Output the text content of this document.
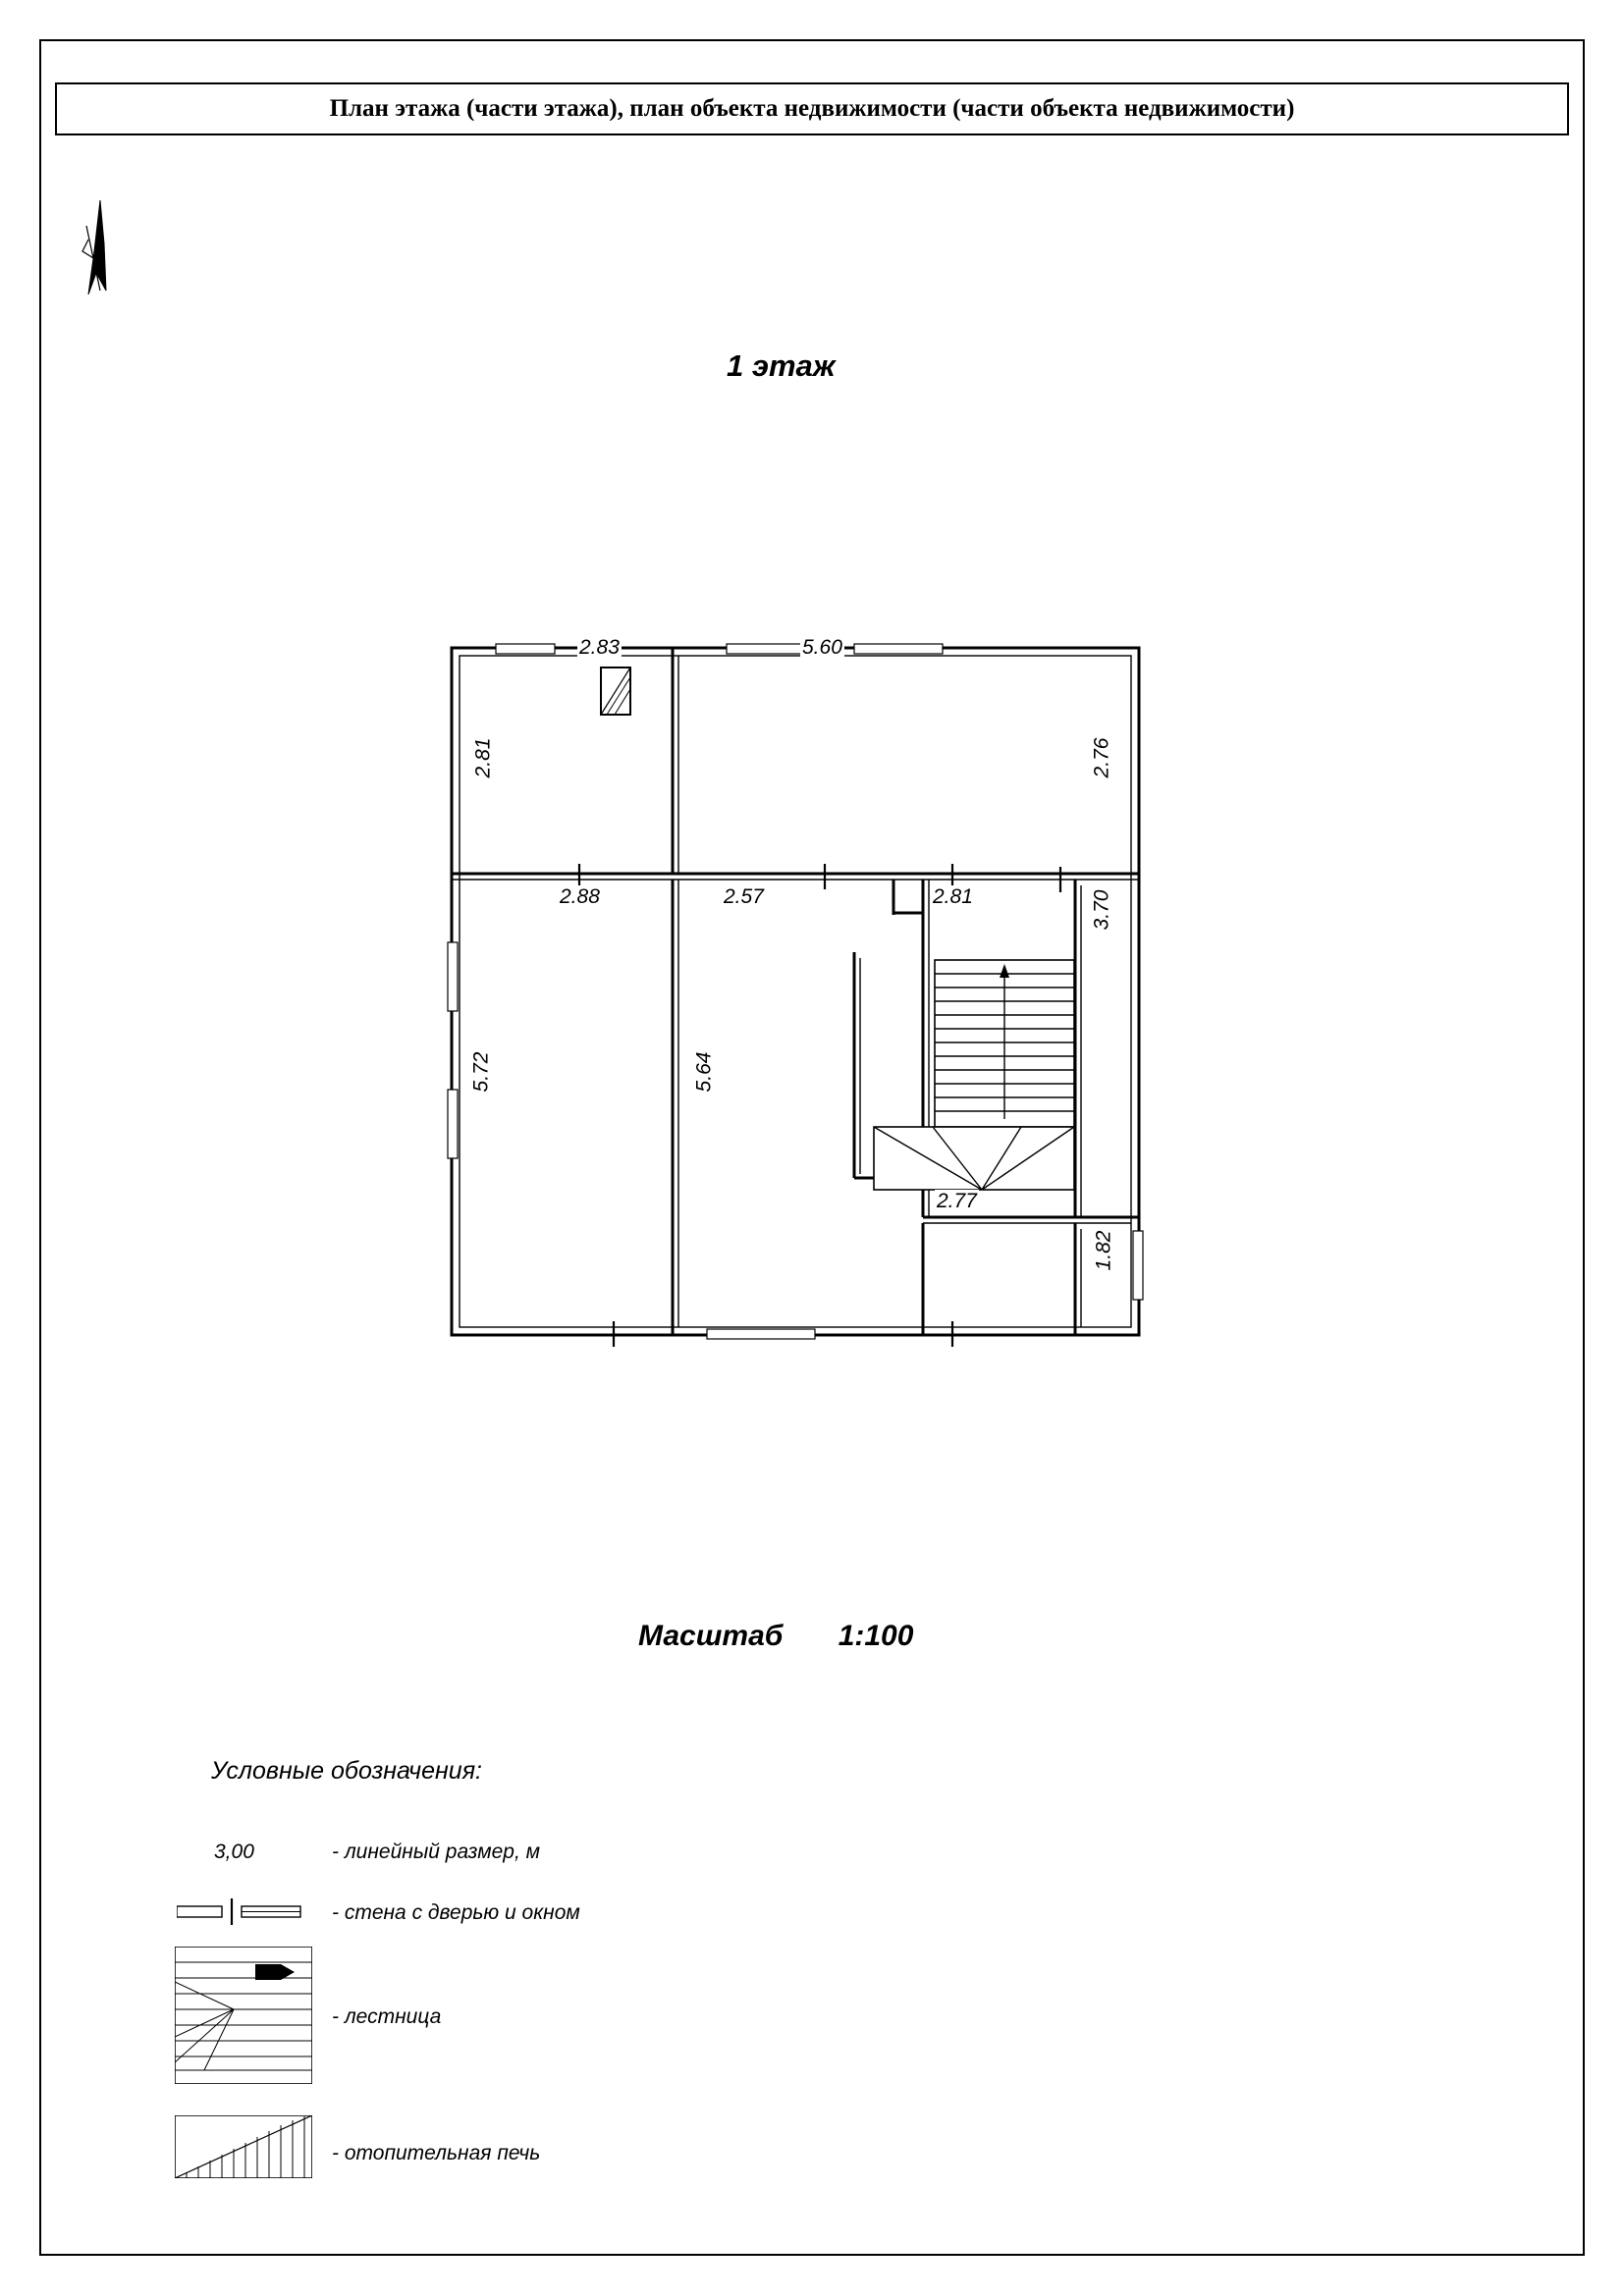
План этажа (части этажа), план объекта недвижимости (части объекта недвижимости)
1 этаж
2.83	5.60
2.81	2.76
2.88	2.57	2.81	3.70
5.72	5.64
2.77
1.82
Масштаб 1:100
Условные обозначения:
3,00	- линейный размер, м
- стена с дверью и окном
- лестница
- отопительная печь
